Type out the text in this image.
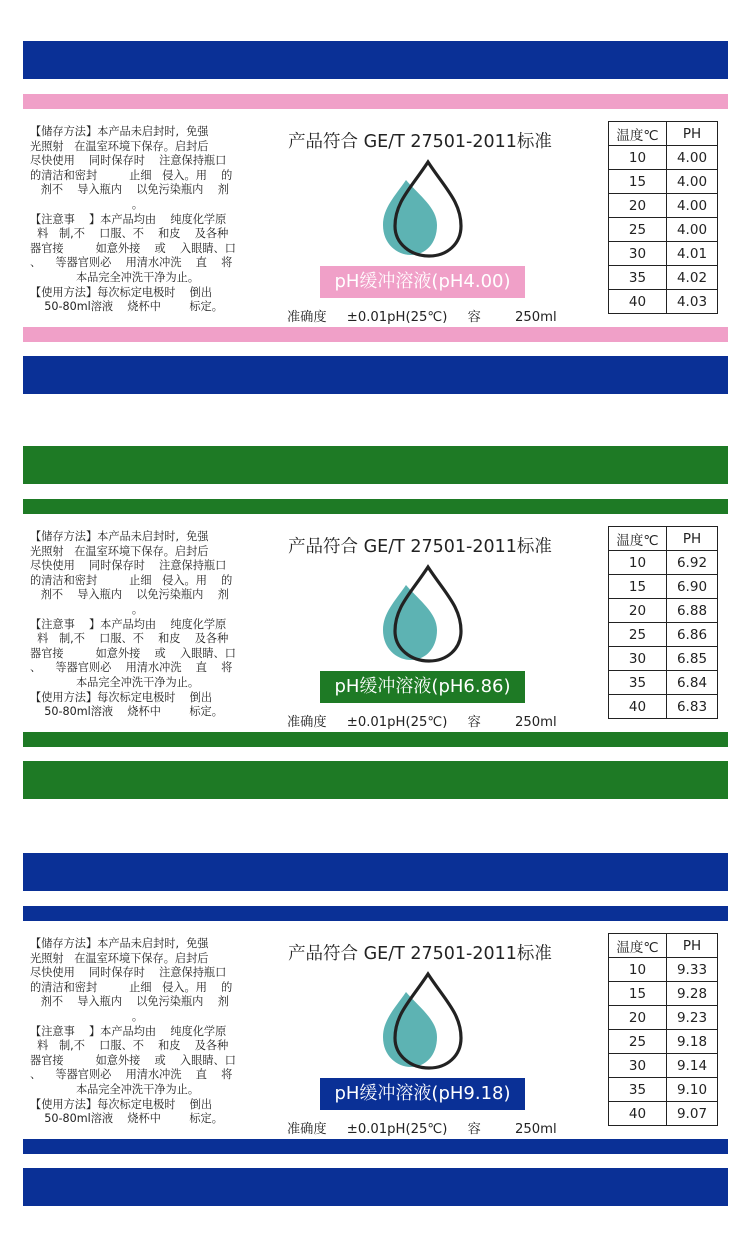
【储存方法】本产品未启封时,  免强
光照射   在温室环境下保存。启封后
尽快使用    同时保存时    注意保持瓶口
的清洁和密封         止细   侵入。用    的
剂不    导入瓶内    以免污染瓶内    剂

。

【注意事    】本产品均由    纯度化学原
料   制,不    口服、不    和皮    及各种
器官接         如意外接    或    入眼睛、口
、    等器官则必    用清水冲洗    直    将

本品完全冲洗干净为止。

【使用方法】每次标定电极时    倒出
50-80ml溶液    烧杯中        标定。

产品符合 GE/T 27501-2011标准
pH缓冲溶液(pH4.00)
准确度 ±0.01pH(25℃) 容	250ml
温度℃	PH
10	4.00
15	4.00
20	4.00
25	4.00
30	4.01
35	4.02
40	4.03

【储存方法】本产品未启封时,  免强
光照射   在温室环境下保存。启封后
尽快使用    同时保存时    注意保持瓶口
的清洁和密封         止细   侵入。用    的
剂不    导入瓶内    以免污染瓶内    剂

。

【注意事    】本产品均由    纯度化学原
料   制,不    口服、不    和皮    及各种
器官接         如意外接    或    入眼睛、口
、    等器官则必    用清水冲洗    直    将

本品完全冲洗干净为止。

【使用方法】每次标定电极时    倒出
50-80ml溶液    烧杯中        标定。

产品符合 GE/T 27501-2011标准
pH缓冲溶液(pH6.86)
准确度 ±0.01pH(25℃) 容	250ml
温度℃	PH
10	6.92
15	6.90
20	6.88
25	6.86
30	6.85
35	6.84
40	6.83

【储存方法】本产品未启封时,  免强
光照射   在温室环境下保存。启封后
尽快使用    同时保存时    注意保持瓶口
的清洁和密封         止细   侵入。用    的
剂不    导入瓶内    以免污染瓶内    剂

。

【注意事    】本产品均由    纯度化学原
料   制,不    口服、不    和皮    及各种
器官接         如意外接    或    入眼睛、口
、    等器官则必    用清水冲洗    直    将

本品完全冲洗干净为止。

【使用方法】每次标定电极时    倒出
50-80ml溶液    烧杯中        标定。

产品符合 GE/T 27501-2011标准
pH缓冲溶液(pH9.18)
准确度 ±0.01pH(25℃) 容	250ml
温度℃	PH
10	9.33
15	9.28
20	9.23
25	9.18
30	9.14
35	9.10
40	9.07
